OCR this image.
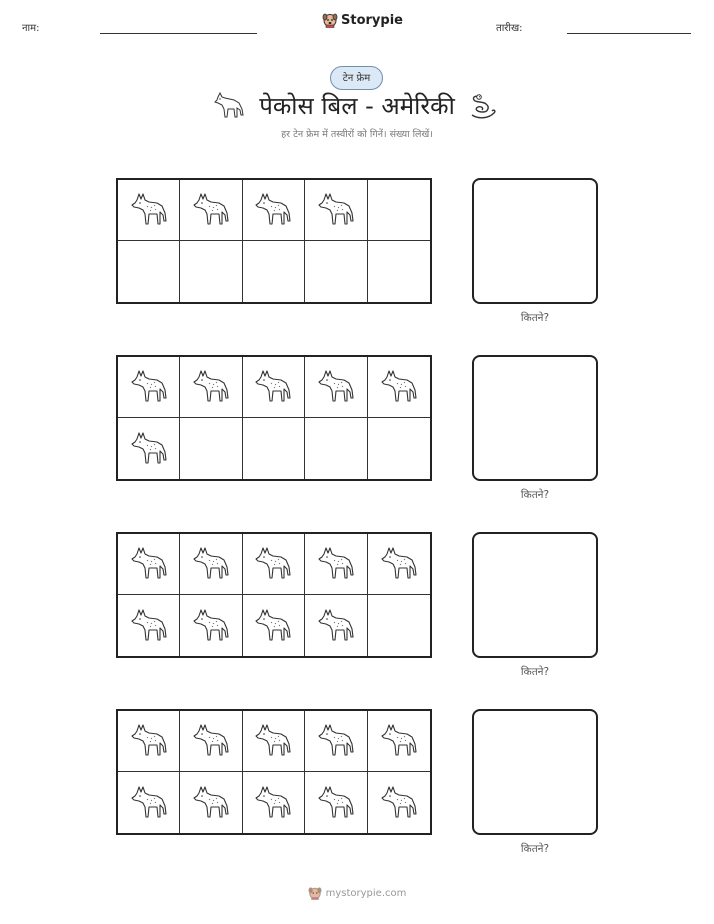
नाम:
Storypie
तारीख:
टेन फ्रेम
पेकोस बिल - अमेरिकी
हर टेन फ्रेम में तस्वीरों को गिनें। संख्या लिखें।
कितने?
कितने?
कितने?
कितने?
mystorypie.com
